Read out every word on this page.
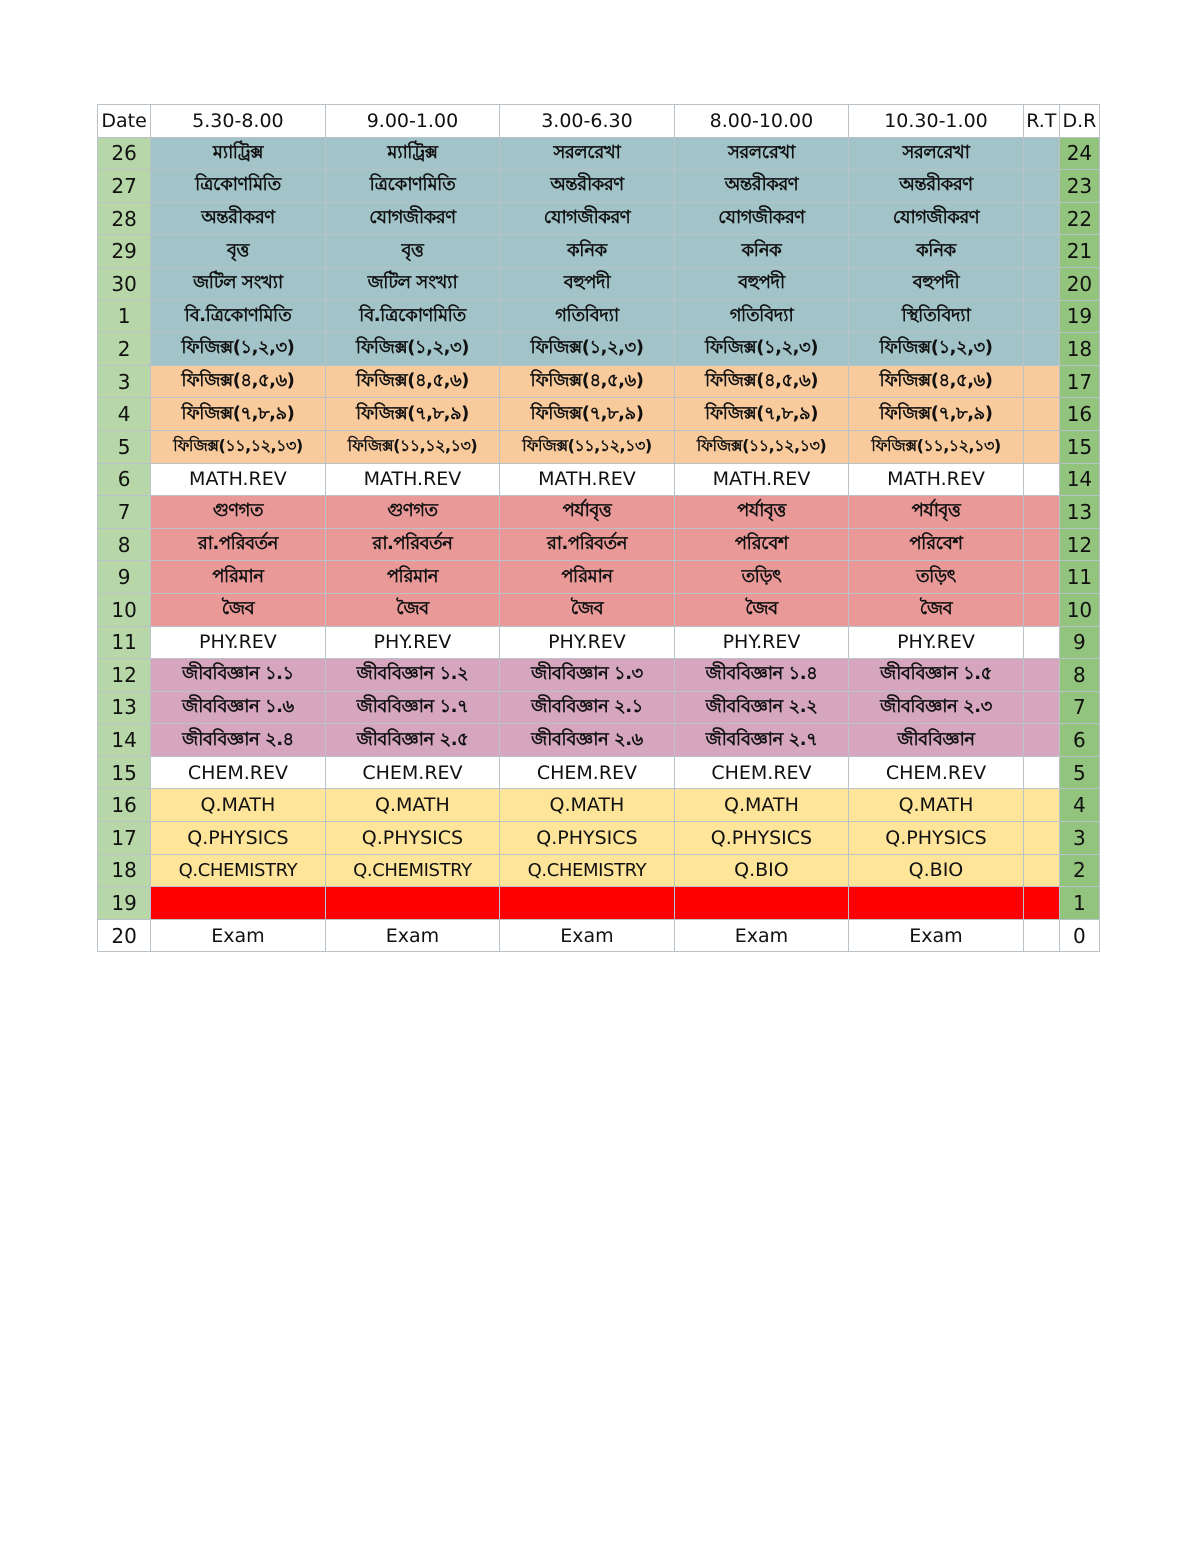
Date	5.30-8.00	9.00-1.00	3.00-6.30	8.00-10.00	10.30-1.00	R.T	D.R
26	ম্যাট্রিক্স	ম্যাট্রিক্স	সরলরেখা	সরলরেখা	সরলরেখা		24
27	ত্রিকোণমিতি	ত্রিকোণমিতি	অন্তরীকরণ	অন্তরীকরণ	অন্তরীকরণ		23
28	অন্তরীকরণ	যোগজীকরণ	যোগজীকরণ	যোগজীকরণ	যোগজীকরণ		22
29	বৃত্ত	বৃত্ত	কনিক	কনিক	কনিক		21
30	জটিল সংখ্যা	জটিল সংখ্যা	বহুপদী	বহুপদী	বহুপদী		20
1	বি.ত্রিকোণমিতি	বি.ত্রিকোণমিতি	গতিবিদ্যা	গতিবিদ্যা	স্থিতিবিদ্যা		19
2	ফিজিক্স(১,২,৩)	ফিজিক্স(১,২,৩)	ফিজিক্স(১,২,৩)	ফিজিক্স(১,২,৩)	ফিজিক্স(১,২,৩)		18
3	ফিজিক্স(৪,৫,৬)	ফিজিক্স(৪,৫,৬)	ফিজিক্স(৪,৫,৬)	ফিজিক্স(৪,৫,৬)	ফিজিক্স(৪,৫,৬)		17
4	ফিজিক্স(৭,৮,৯)	ফিজিক্স(৭,৮,৯)	ফিজিক্স(৭,৮,৯)	ফিজিক্স(৭,৮,৯)	ফিজিক্স(৭,৮,৯)		16
5	ফিজিক্স(১১,১২,১৩)	ফিজিক্স(১১,১২,১৩)	ফিজিক্স(১১,১২,১৩)	ফিজিক্স(১১,১২,১৩)	ফিজিক্স(১১,১২,১৩)		15
6	MATH.REV	MATH.REV	MATH.REV	MATH.REV	MATH.REV		14
7	গুণগত	গুণগত	পর্যাবৃত্ত	পর্যাবৃত্ত	পর্যাবৃত্ত		13
8	রা.পরিবর্তন	রা.পরিবর্তন	রা.পরিবর্তন	পরিবেশ	পরিবেশ		12
9	পরিমান	পরিমান	পরিমান	তড়িৎ	তড়িৎ		11
10	জৈব	জৈব	জৈব	জৈব	জৈব		10
11	PHY.REV	PHY.REV	PHY.REV	PHY.REV	PHY.REV		9
12	জীববিজ্ঞান ১.১	জীববিজ্ঞান ১.২	জীববিজ্ঞান ১.৩	জীববিজ্ঞান ১.৪	জীববিজ্ঞান ১.৫		8
13	জীববিজ্ঞান ১.৬	জীববিজ্ঞান ১.৭	জীববিজ্ঞান ২.১	জীববিজ্ঞান ২.২	জীববিজ্ঞান ২.৩		7
14	জীববিজ্ঞান ২.৪	জীববিজ্ঞান ২.৫	জীববিজ্ঞান ২.৬	জীববিজ্ঞান ২.৭	জীববিজ্ঞান		6
15	CHEM.REV	CHEM.REV	CHEM.REV	CHEM.REV	CHEM.REV		5
16	Q.MATH	Q.MATH	Q.MATH	Q.MATH	Q.MATH		4
17	Q.PHYSICS	Q.PHYSICS	Q.PHYSICS	Q.PHYSICS	Q.PHYSICS		3
18	Q.CHEMISTRY	Q.CHEMISTRY	Q.CHEMISTRY	Q.BIO	Q.BIO		2
19							1
20	Exam	Exam	Exam	Exam	Exam		0
